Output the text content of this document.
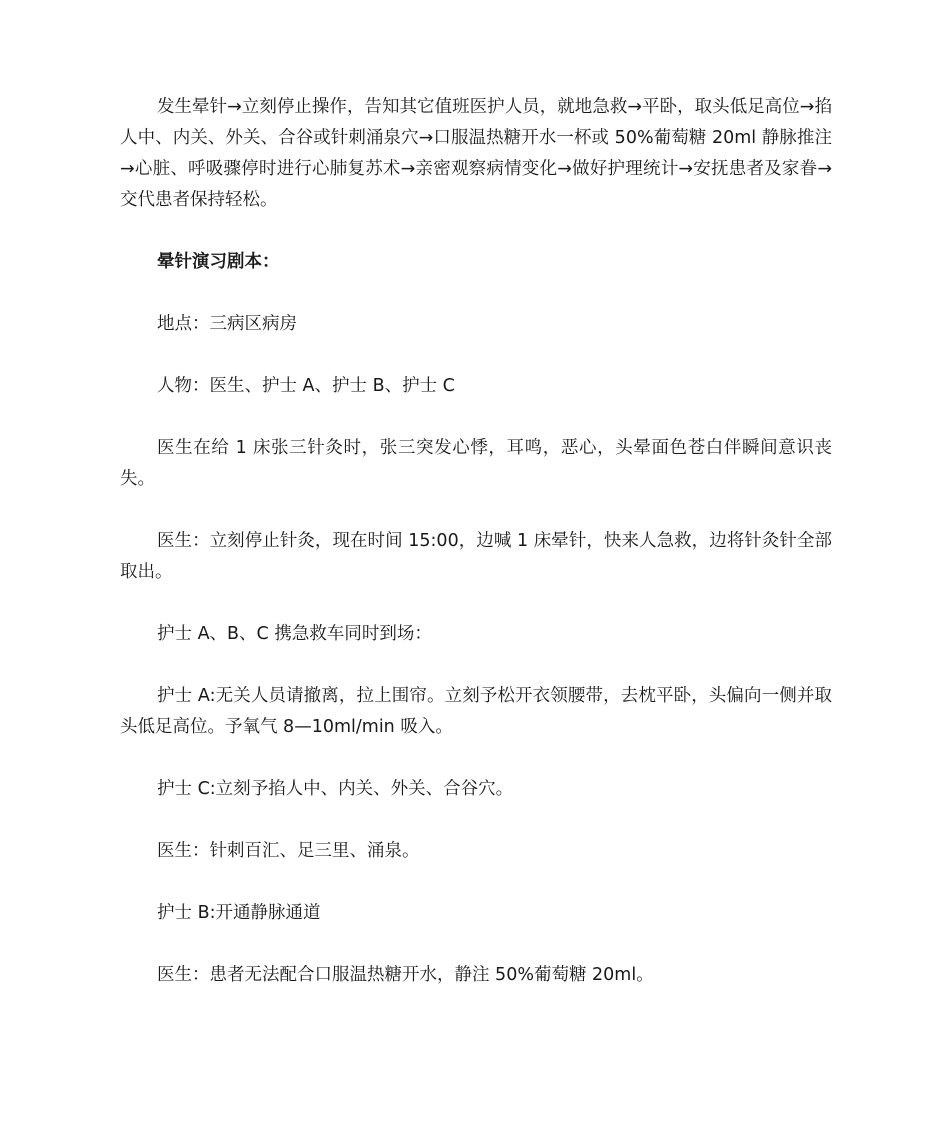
发生晕针→立刻停止操作，告知其它值班医护人员，就地急救→平卧，取头低足高位→掐人中、内关、外关、合谷或针刺涌泉穴→口服温热糖开水一杯或 50%葡萄糖 20ml 静脉推注→心脏、呼吸骤停时进行心肺复苏术→亲密观察病情变化→做好护理统计→安抚患者及家眷→交代患者保持轻松。

晕针演习剧本：

地点：三病区病房

人物：医生、护士 A、护士 B、护士 C

医生在给 1 床张三针灸时，张三突发心悸，耳鸣，恶心，头晕面色苍白伴瞬间意识丧失。

医生：立刻停止针灸，现在时间 15:00，边喊 1 床晕针，快来人急救，边将针灸针全部取出。

护士 A、B、C 携急救车同时到场：

护士 A:无关人员请撤离，拉上围帘。立刻予松开衣领腰带，去枕平卧，头偏向一侧并取头低足高位。予氧气 8—10ml/min 吸入。

护士 C:立刻予掐人中、内关、外关、合谷穴。

医生：针刺百汇、足三里、涌泉。

护士 B:开通静脉通道

医生：患者无法配合口服温热糖开水，静注 50%葡萄糖 20ml。
